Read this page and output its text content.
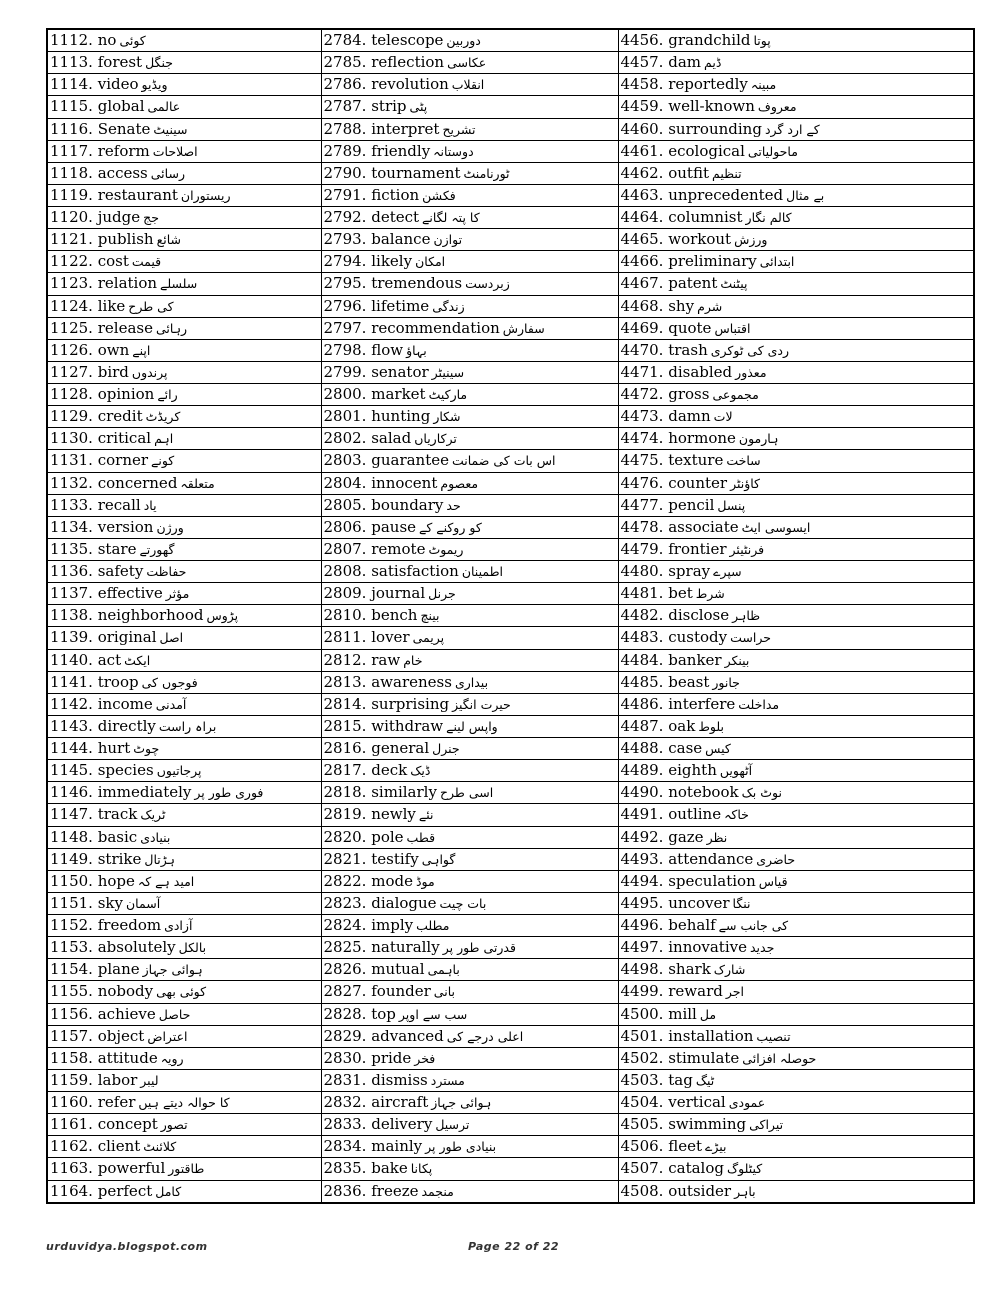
1112. no کوئی	2784. telescope دوربین	4456. grandchild پوتا
1113. forest جنگل	2785. reflection عکاسی	4457. dam ڈیم
1114. video ویڈیو	2786. revolution انقلاب	4458. reportedly مبینہ
1115. global عالمی	2787. strip پٹی	4459. well-known معروف
1116. Senate سینیٹ	2788. interpret تشریح	4460. surrounding کے ارد گرد
1117. reform اصلاحات	2789. friendly دوستانہ	4461. ecological ماحولیاتی
1118. access رسائی	2790. tournament ٹورنامنٹ	4462. outfit تنظیم
1119. restaurant ریستوران	2791. fiction فکشن	4463. unprecedented بے مثال
1120. judge جج	2792. detect کا پتہ لگانے	4464. columnist کالم نگار
1121. publish شائع	2793. balance توازن	4465. workout ورزش
1122. cost قیمت	2794. likely امکان	4466. preliminary ابتدائی
1123. relation سلسلے	2795. tremendous زبردست	4467. patent پیٹنٹ
1124. like کی طرح	2796. lifetime زندگی	4468. shy شرم
1125. release رہائی	2797. recommendation سفارش	4469. quote اقتباس
1126. own اپنے	2798. flow بہاؤ	4470. trash ردی کی ٹوکری
1127. bird پرندوں	2799. senator سینیٹر	4471. disabled معذور
1128. opinion رائے	2800. market مارکیٹ	4472. gross مجموعی
1129. credit کریڈٹ	2801. hunting شکار	4473. damn لات
1130. critical اہم	2802. salad ترکاریاں	4474. hormone ہارمون
1131. corner کونے	2803. guarantee اس بات کی ضمانت	4475. texture ساخت
1132. concerned متعلقہ	2804. innocent معصوم	4476. counter کاؤنٹر
1133. recall یاد	2805. boundary حد	4477. pencil پنسل
1134. version ورژن	2806. pause کو روکنے کے	4478. associate ایسوسی ایٹ
1135. stare گھورتے	2807. remote ریموٹ	4479. frontier فرنٹیئر
1136. safety حفاظت	2808. satisfaction اطمینان	4480. spray سپرے
1137. effective مؤثر	2809. journal جرنل	4481. bet شرط
1138. neighborhood پڑوس	2810. bench بینچ	4482. disclose ظاہر
1139. original اصل	2811. lover پریمی	4483. custody حراست
1140. act ایکٹ	2812. raw خام	4484. banker بینکر
1141. troop فوجوں کی	2813. awareness بیداری	4485. beast جانور
1142. income آمدنی	2814. surprising حیرت انگیز	4486. interfere مداخلت
1143. directly براہ راست	2815. withdraw واپس لینے	4487. oak بلوط
1144. hurt چوٹ	2816. general جنرل	4488. case کیس
1145. species پرجاتیوں	2817. deck ڈیک	4489. eighth آٹھویں
1146. immediately فوری طور پر	2818. similarly اسی طرح	4490. notebook نوٹ بک
1147. track ٹریک	2819. newly نئے	4491. outline خاکہ
1148. basic بنیادی	2820. pole قطب	4492. gaze نظر
1149. strike ہڑتال	2821. testify گواہی	4493. attendance حاضری
1150. hope امید ہے کہ	2822. mode موڈ	4494. speculation قیاس
1151. sky آسمان	2823. dialogue بات چیت	4495. uncover ننگا
1152. freedom آزادی	2824. imply مطلب	4496. behalf کی جانب سے
1153. absolutely بالکل	2825. naturally قدرتی طور پر	4497. innovative جدید
1154. plane ہوائی جہاز	2826. mutual باہمی	4498. shark شارک
1155. nobody کوئی بھی	2827. founder بانی	4499. reward اجر
1156. achieve حاصل	2828. top سب سے اوپر	4500. mill مل
1157. object اعتراض	2829. advanced اعلی درجے کی	4501. installation تنصیب
1158. attitude رویہ	2830. pride فخر	4502. stimulate حوصلہ افزائی
1159. labor لیبر	2831. dismiss مسترد	4503. tag ٹیگ
1160. refer کا حوالہ دیتے ہیں	2832. aircraft ہوائی جہاز	4504. vertical عمودی
1161. concept تصور	2833. delivery ترسیل	4505. swimming تیراکی
1162. client کلائنٹ	2834. mainly بنیادی طور پر	4506. fleet بیڑے
1163. powerful طاقتور	2835. bake پکانا	4507. catalog کیٹلوگ
1164. perfect کامل	2836. freeze منجمد	4508. outsider باہر
urduvidya.blogspot.com	Page 22 of 22
